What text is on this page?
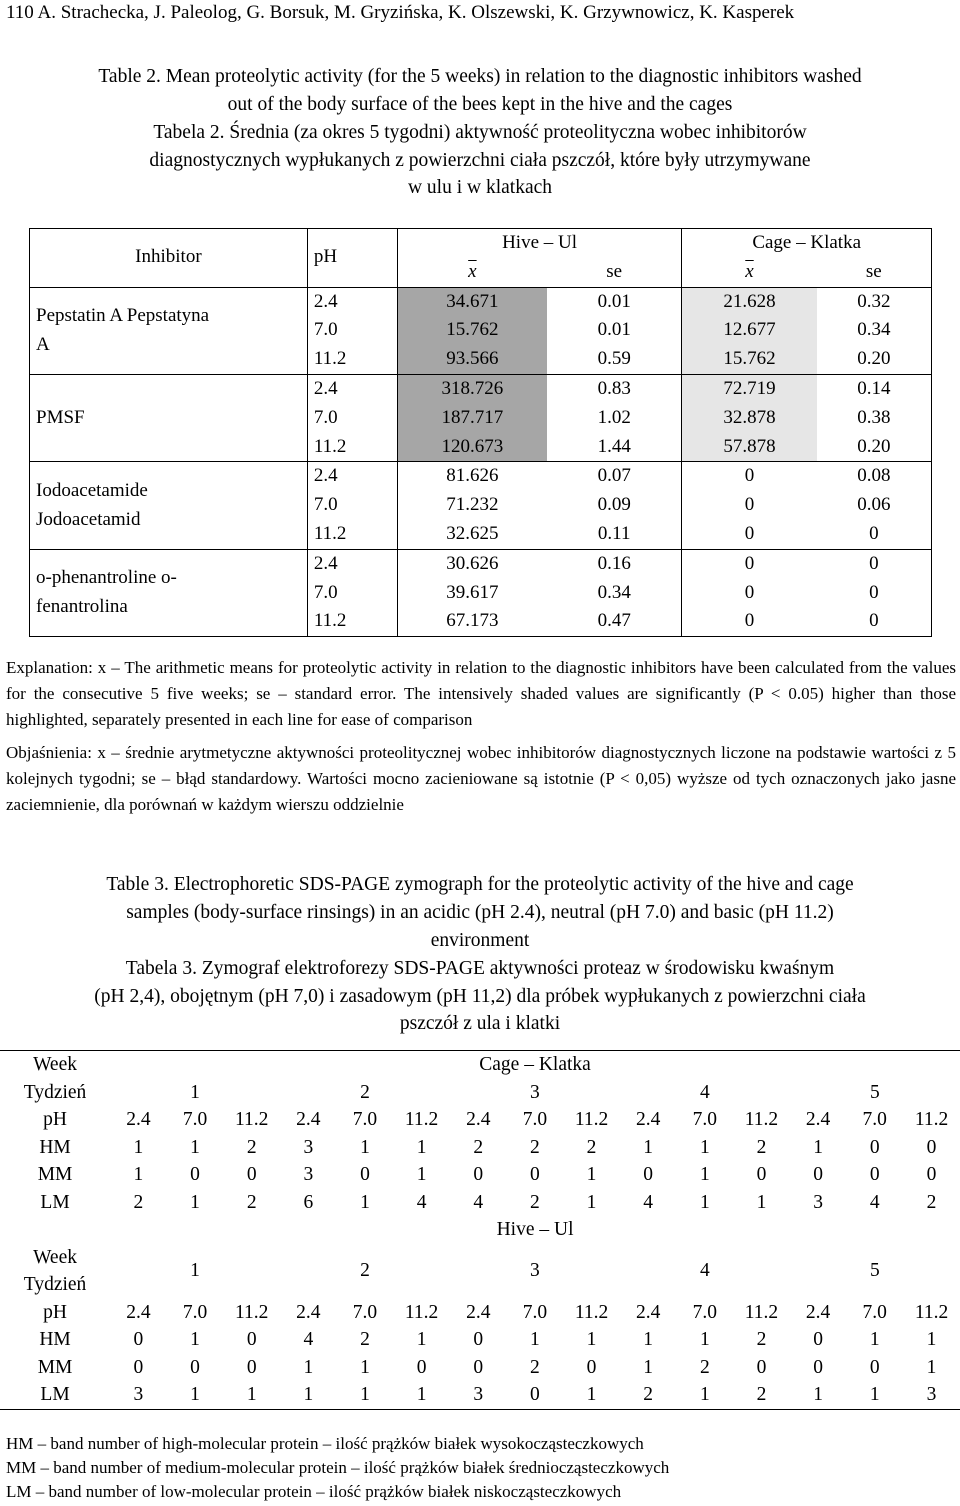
110 A. Strachecka, J. Paleolog, G. Borsuk, M. Gryzińska, K. Olszewski, K. Grzywnowicz, K. Kasperek

Table 2. Mean proteolytic activity (for the 5 weeks) in relation to the diagnostic inhibitors washed

out of the body surface of the bees kept in the hive and the cages

Tabela 2. Średnia (za okres 5 tygodni) aktywność proteolityczna wobec inhibitorów

diagnostycznych wypłukanych z powierzchni ciała pszczół, które były utrzymywane

w ulu i w klatkach

Inhibitor	pH	Hive – Ul		Cage – Klatka	
		$\overline{x}$	se	$\overline{x}$	se
Pepstatin A Pepstatyna A	2.4	34.671	0.01	21.628	0.32
	7.0	15.762	0.01	12.677	0.34
	11.2	93.566	0.59	15.762	0.20
PMSF	2.4	318.726	0.83	72.719	0.14
	7.0	187.717	1.02	32.878	0.38
	11.2	120.673	1.44	57.878	0.20
Iodoacetamide Jodoacetamid	2.4	81.626	0.07	0	0.08
	7.0	71.232	0.09	0	0.06
	11.2	32.625	0.11	0	0
o-phenantroline o-fenantrolina	2.4	30.626	0.16	0	0
	7.0	39.617	0.34	0	0
	11.2	67.173	0.47	0	0

Explanation: x – The arithmetic means for proteolytic activity in relation to the diagnostic inhibitors have been calculated from the values for the consecutive 5 five weeks; se – standard error. The intensively shaded values are significantly (P < 0.05) higher than those highlighted, separately presented in each line for ease of comparison

Objaśnienia: x – średnie arytmetyczne aktywności proteolitycznej wobec inhibitorów diagnostycznych liczone na podstawie wartości z 5 kolejnych tygodni; se – błąd standardowy. Wartości mocno zacieniowane są istotnie (P < 0,05) wyższe od tych oznaczonych jako jasne zaciemnienie, dla porównań w każdym wierszu oddzielnie

Table 3. Electrophoretic SDS-PAGE zymograph for the proteolytic activity of the hive and cage

samples (body-surface rinsings) in an acidic (pH 2.4), neutral (pH 7.0) and basic (pH 11.2)

environment

Tabela 3. Zymograf elektroforezy SDS-PAGE aktywności proteaz w środowisku kwaśnym

(pH 2,4), obojętnym (pH 7,0) i zasadowym (pH 11,2) dla próbek wypłukanych z powierzchni ciała

pszczół z ula i klatki

Week	Cage – Klatka														
Tydzień	1			2			3			4			5		
pH	2.4	7.0	11.2	2.4	7.0	11.2	2.4	7.0	11.2	2.4	7.0	11.2	2.4	7.0	11.2
HM	1	1	2	3	1	1	2	2	2	1	1	2	1	0	0
MM	1	0	0	3	0	1	0	0	1	0	1	0	0	0	0
LM	2	1	2	6	1	4	4	2	1	4	1	1	3	4	2
	Hive – Ul														

Week
Tydzień	1			2			3			4			5		
pH	2.4	7.0	11.2	2.4	7.0	11.2	2.4	7.0	11.2	2.4	7.0	11.2	2.4	7.0	11.2
HM	0	1	0	4	2	1	0	1	1	1	1	2	0	1	1
MM	0	0	0	1	1	0	0	2	0	1	2	0	0	0	1
LM	3	1	1	1	1	1	3	0	1	2	1	2	1	1	3
HM – band number of high-molecular protein – ilość prążków białek wysokocząsteczkowych
MM – band number of medium-molecular protein – ilość prążków białek średniocząsteczkowych
LM – band number of low-molecular protein – ilość prążków białek niskocząsteczkowych
